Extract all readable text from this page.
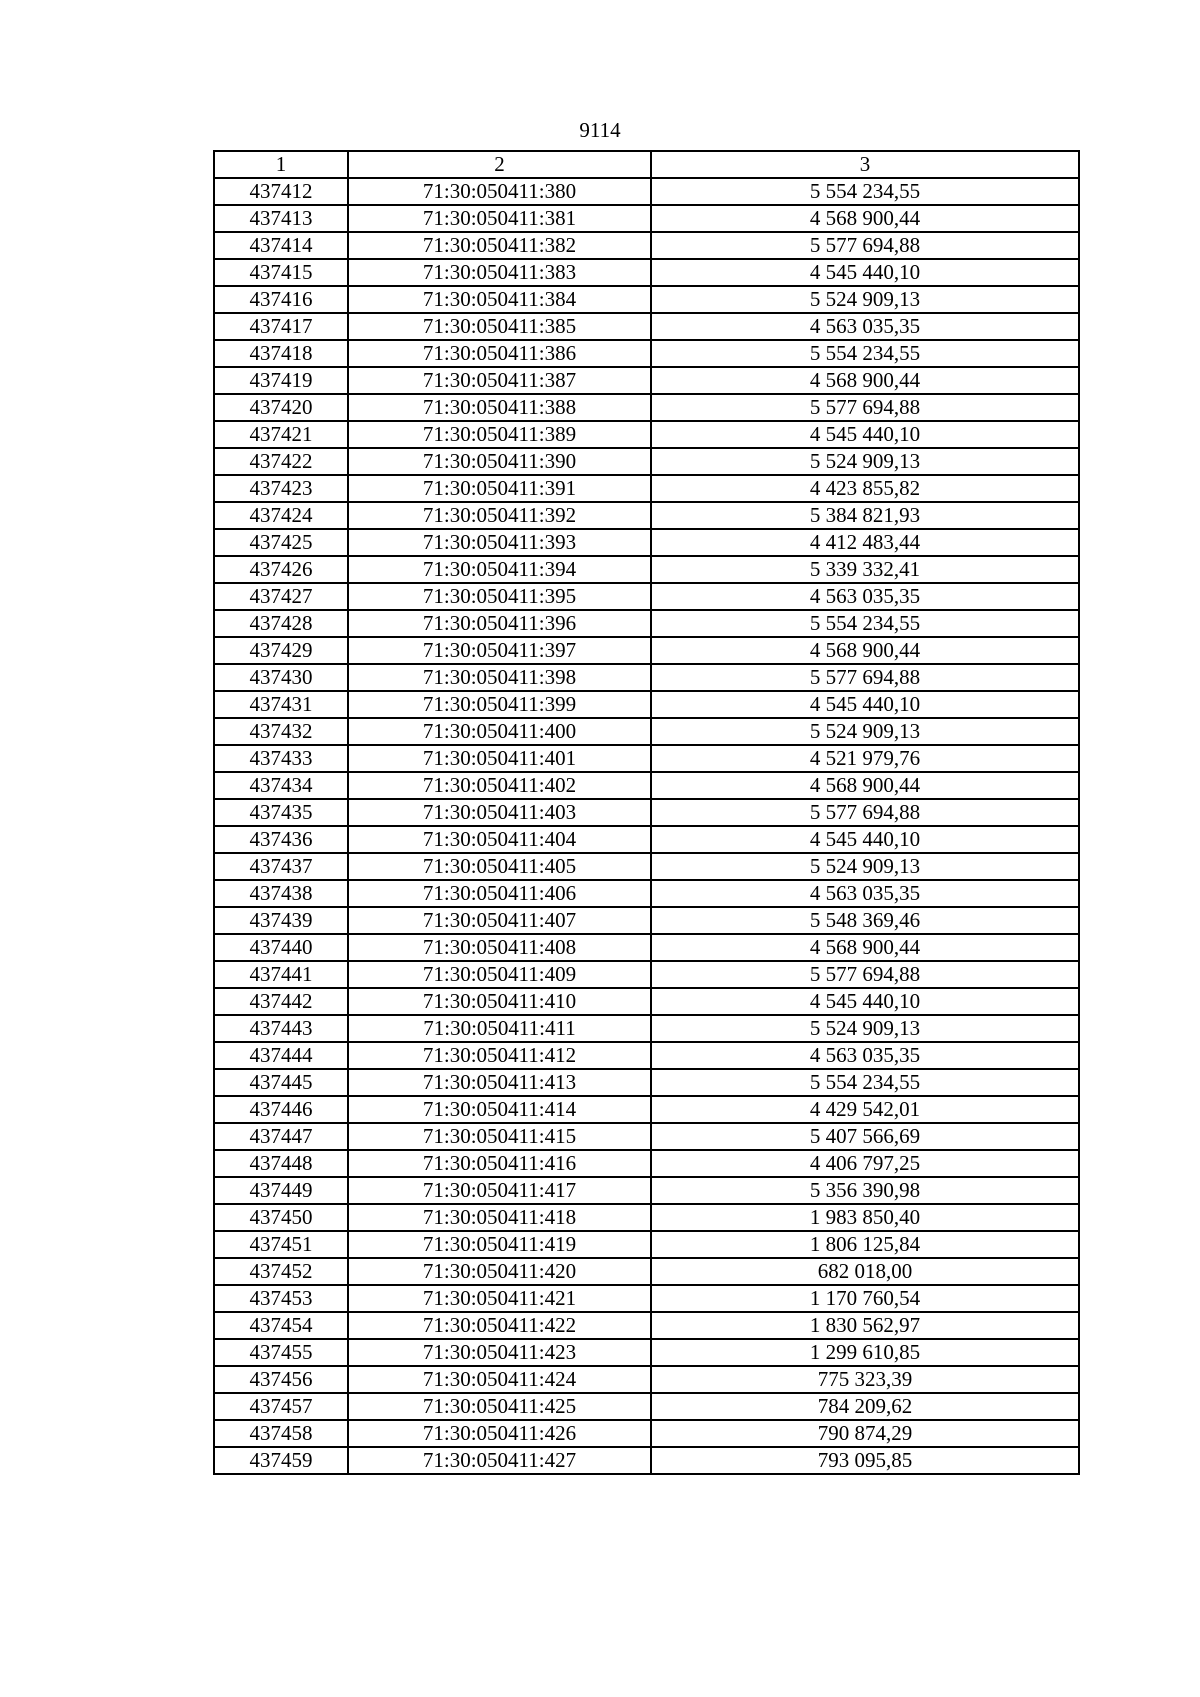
9114
1	2	3
437412	71:30:050411:380	5 554 234,55
437413	71:30:050411:381	4 568 900,44
437414	71:30:050411:382	5 577 694,88
437415	71:30:050411:383	4 545 440,10
437416	71:30:050411:384	5 524 909,13
437417	71:30:050411:385	4 563 035,35
437418	71:30:050411:386	5 554 234,55
437419	71:30:050411:387	4 568 900,44
437420	71:30:050411:388	5 577 694,88
437421	71:30:050411:389	4 545 440,10
437422	71:30:050411:390	5 524 909,13
437423	71:30:050411:391	4 423 855,82
437424	71:30:050411:392	5 384 821,93
437425	71:30:050411:393	4 412 483,44
437426	71:30:050411:394	5 339 332,41
437427	71:30:050411:395	4 563 035,35
437428	71:30:050411:396	5 554 234,55
437429	71:30:050411:397	4 568 900,44
437430	71:30:050411:398	5 577 694,88
437431	71:30:050411:399	4 545 440,10
437432	71:30:050411:400	5 524 909,13
437433	71:30:050411:401	4 521 979,76
437434	71:30:050411:402	4 568 900,44
437435	71:30:050411:403	5 577 694,88
437436	71:30:050411:404	4 545 440,10
437437	71:30:050411:405	5 524 909,13
437438	71:30:050411:406	4 563 035,35
437439	71:30:050411:407	5 548 369,46
437440	71:30:050411:408	4 568 900,44
437441	71:30:050411:409	5 577 694,88
437442	71:30:050411:410	4 545 440,10
437443	71:30:050411:411	5 524 909,13
437444	71:30:050411:412	4 563 035,35
437445	71:30:050411:413	5 554 234,55
437446	71:30:050411:414	4 429 542,01
437447	71:30:050411:415	5 407 566,69
437448	71:30:050411:416	4 406 797,25
437449	71:30:050411:417	5 356 390,98
437450	71:30:050411:418	1 983 850,40
437451	71:30:050411:419	1 806 125,84
437452	71:30:050411:420	682 018,00
437453	71:30:050411:421	1 170 760,54
437454	71:30:050411:422	1 830 562,97
437455	71:30:050411:423	1 299 610,85
437456	71:30:050411:424	775 323,39
437457	71:30:050411:425	784 209,62
437458	71:30:050411:426	790 874,29
437459	71:30:050411:427	793 095,85
